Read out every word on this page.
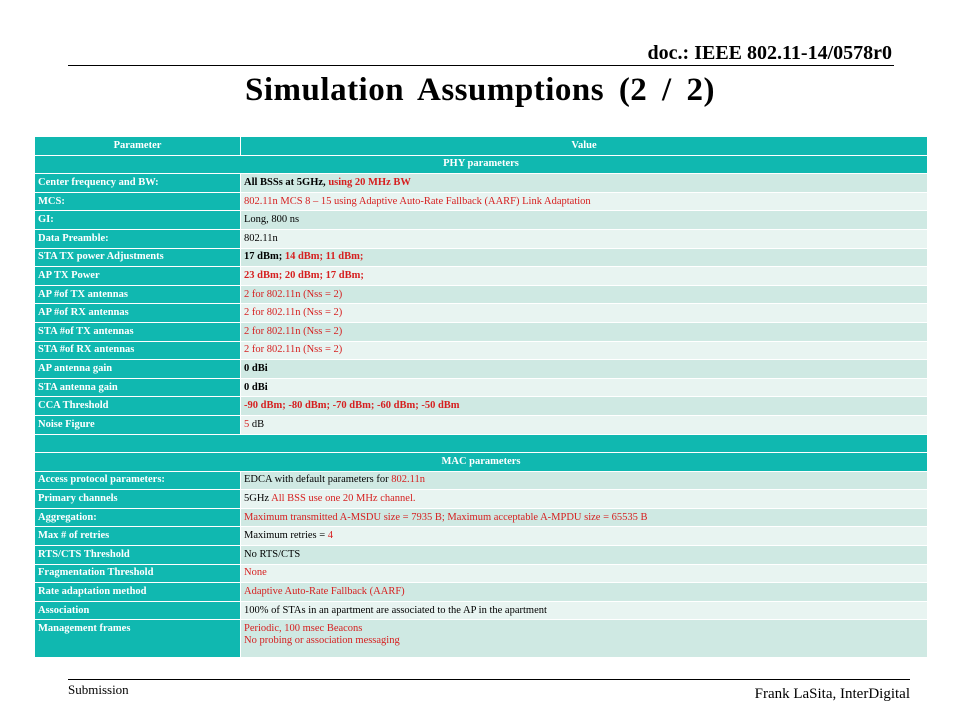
doc.: IEEE 802.11-14/0578r0
Simulation Assumptions (2 / 2)
Parameter	Value
PHY parameters	
Center frequency and BW:	All BSSs at 5GHz, using 20 MHz BW
MCS:	802.11n MCS 8 – 15 using Adaptive Auto-Rate Fallback (AARF) Link Adaptation
GI:	Long, 800 ns
Data Preamble:	802.11n
STA TX power Adjustments	17 dBm; 14 dBm; 11 dBm;
AP TX Power	23 dBm; 20 dBm; 17 dBm;
AP #of TX antennas	2 for 802.11n (Nss = 2)
AP #of RX antennas	2 for 802.11n (Nss = 2)
STA #of TX antennas	2 for 802.11n (Nss = 2)
STA #of RX antennas	2 for 802.11n (Nss = 2)
AP antenna gain	0 dBi
STA antenna gain	0 dBi
CCA Threshold	-90 dBm; -80 dBm; -70 dBm; -60 dBm; -50 dBm
Noise Figure	5 dB

MAC parameters	
Access protocol parameters:	EDCA with default parameters for 802.11n
Primary channels	5GHz All BSS use one 20 MHz channel.
Aggregation:	Maximum transmitted A-MSDU size = 7935 B; Maximum acceptable A-MPDU size = 65535 B
Max # of retries	Maximum retries = 4
RTS/CTS Threshold	No RTS/CTS
Fragmentation Threshold	None
Rate adaptation method	Adaptive Auto-Rate Fallback (AARF)
Association	100% of STAs in an apartment are associated to the AP in the apartment
Management frames	Periodic, 100 msec Beacons
No probing or association messaging
Submission	Frank LaSita, InterDigital
